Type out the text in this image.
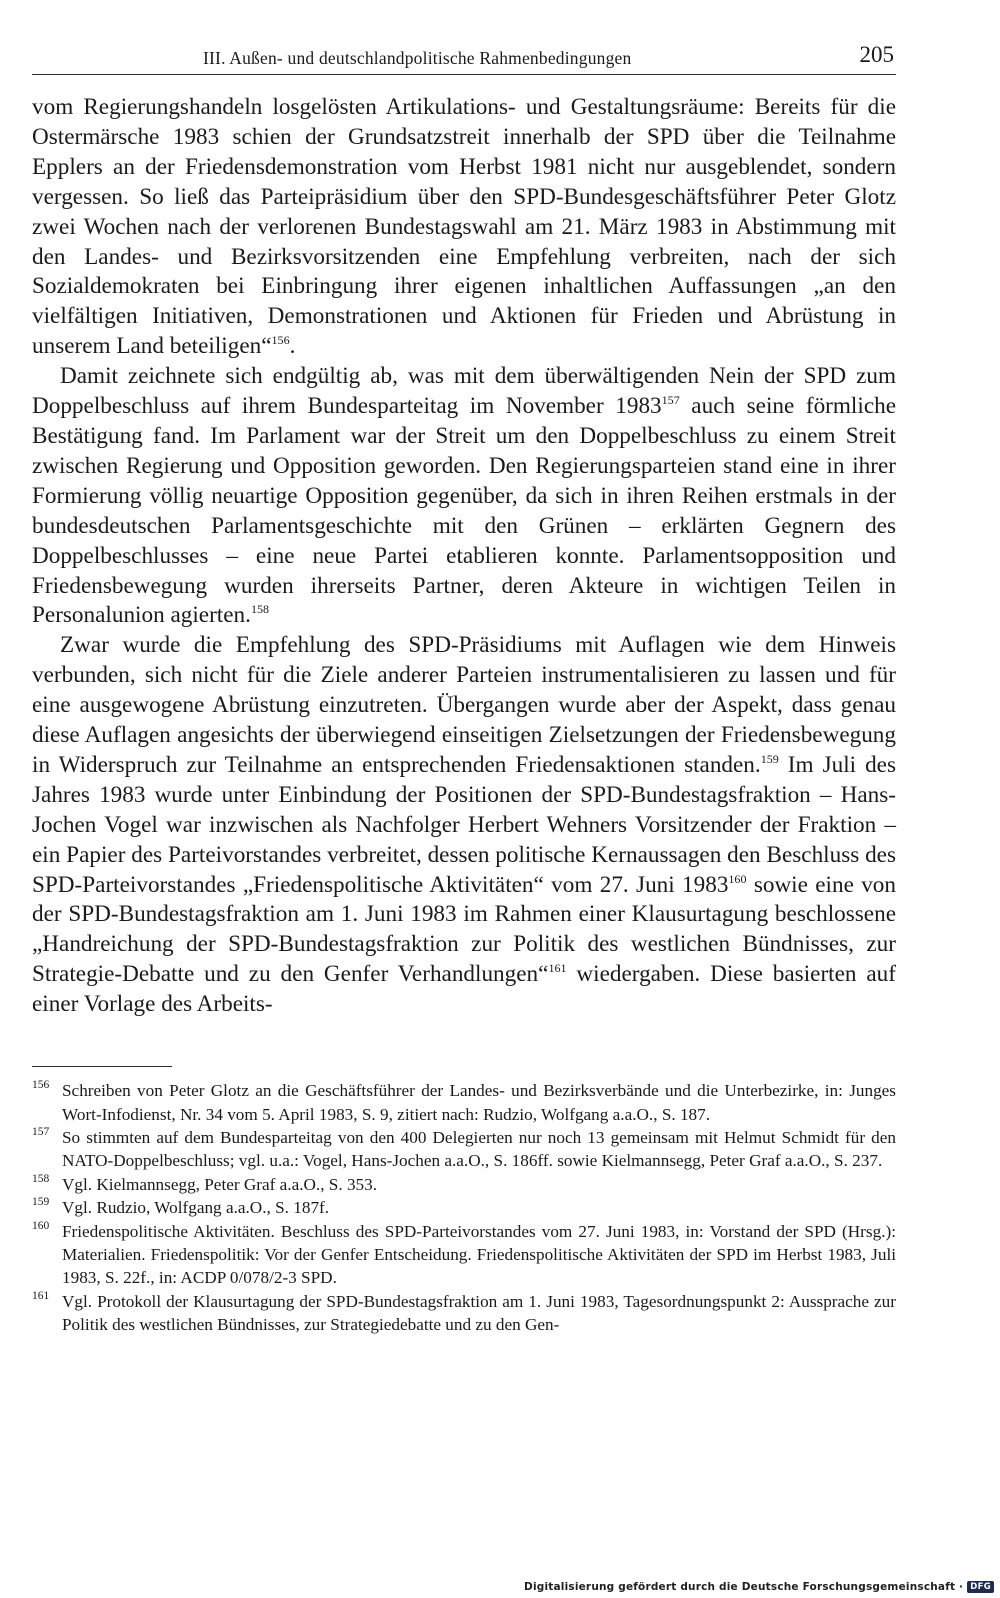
III. Außen- und deutschlandpolitische Rahmenbedingungen	205

vom Regierungshandeln losgelösten Artikulations- und Gestaltungsräume: Bereits für die Ostermärsche 1983 schien der Grundsatzstreit innerhalb der SPD über die Teilnahme Epplers an der Friedensdemonstration vom Herbst 1981 nicht nur ausgeblendet, sondern vergessen. So ließ das Parteipräsidium über den SPD-Bundesgeschäftsführer Peter Glotz zwei Wochen nach der verlorenen Bundestagswahl am 21. März 1983 in Abstimmung mit den Landes- und Bezirksvorsitzenden eine Empfehlung verbreiten, nach der sich Sozialdemokraten bei Einbringung ihrer eigenen inhaltlichen Auffassungen „an den vielfältigen Initiativen, Demonstrationen und Aktionen für Frieden und Abrüstung in unserem Land beteiligen“$^{156}$.

Damit zeichnete sich endgültig ab, was mit dem überwältigenden Nein der SPD zum Doppelbeschluss auf ihrem Bundesparteitag im November 1983$^{157}$ auch seine förmliche Bestätigung fand. Im Parlament war der Streit um den Doppelbeschluss zu einem Streit zwischen Regierung und Opposition geworden. Den Regierungsparteien stand eine in ihrer Formierung völlig neuartige Opposition gegenüber, da sich in ihren Reihen erstmals in der bundesdeutschen Parlamentsgeschichte mit den Grünen – erklärten Gegnern des Doppelbeschlusses – eine neue Partei etablieren konnte. Parlamentsopposition und Friedensbewegung wurden ihrerseits Partner, deren Akteure in wichtigen Teilen in Personalunion agierten.$^{158}$

Zwar wurde die Empfehlung des SPD-Präsidiums mit Auflagen wie dem Hinweis verbunden, sich nicht für die Ziele anderer Parteien instrumentalisieren zu lassen und für eine ausgewogene Abrüstung einzutreten. Übergangen wurde aber der Aspekt, dass genau diese Auflagen angesichts der überwiegend einseitigen Zielsetzungen der Friedensbewegung in Widerspruch zur Teilnahme an entsprechenden Friedensaktionen standen.$^{159}$ Im Juli des Jahres 1983 wurde unter Einbindung der Positionen der SPD-Bundestagsfraktion – Hans-Jochen Vogel war inzwischen als Nachfolger Herbert Wehners Vorsitzender der Fraktion – ein Papier des Parteivorstandes verbreitet, dessen politische Kernaussagen den Beschluss des SPD-Parteivorstandes „Friedenspolitische Aktivitäten“ vom 27. Juni 1983$^{160}$ sowie eine von der SPD-Bundestagsfraktion am 1. Juni 1983 im Rahmen einer Klausurtagung beschlossene „Handreichung der SPD-Bundestagsfraktion zur Politik des westlichen Bündnisses, zur Strategie-Debatte und zu den Genfer Verhandlungen“$^{161}$ wiedergaben. Diese basierten auf einer Vorlage des Arbeits-

156 Schreiben von Peter Glotz an die Geschäftsführer der Landes- und Bezirksverbände und die Unterbezirke, in: Junges Wort-Infodienst, Nr. 34 vom 5. April 1983, S. 9, zitiert nach: Rudzio, Wolfgang a.a.O., S. 187.
157 So stimmten auf dem Bundesparteitag von den 400 Delegierten nur noch 13 gemeinsam mit Helmut Schmidt für den NATO-Doppelbeschluss; vgl. u.a.: Vogel, Hans-Jochen a.a.O., S. 186ff. sowie Kielmannsegg, Peter Graf a.a.O., S. 237.
158 Vgl. Kielmannsegg, Peter Graf a.a.O., S. 353.
159 Vgl. Rudzio, Wolfgang a.a.O., S. 187f.
160 Friedenspolitische Aktivitäten. Beschluss des SPD-Parteivorstandes vom 27. Juni 1983, in: Vorstand der SPD (Hrsg.): Materialien. Friedenspolitik: Vor der Genfer Entscheidung. Friedenspolitische Aktivitäten der SPD im Herbst 1983, Juli 1983, S. 22f., in: ACDP 0/078/2-3 SPD.
161 Vgl. Protokoll der Klausurtagung der SPD-Bundestagsfraktion am 1. Juni 1983, Tagesordnungspunkt 2: Aussprache zur Politik des westlichen Bündnisses, zur Strategiedebatte und zu den Gen-
Digitalisierung gefördert durch die Deutsche Forschungsgemeinschaft · DFG
